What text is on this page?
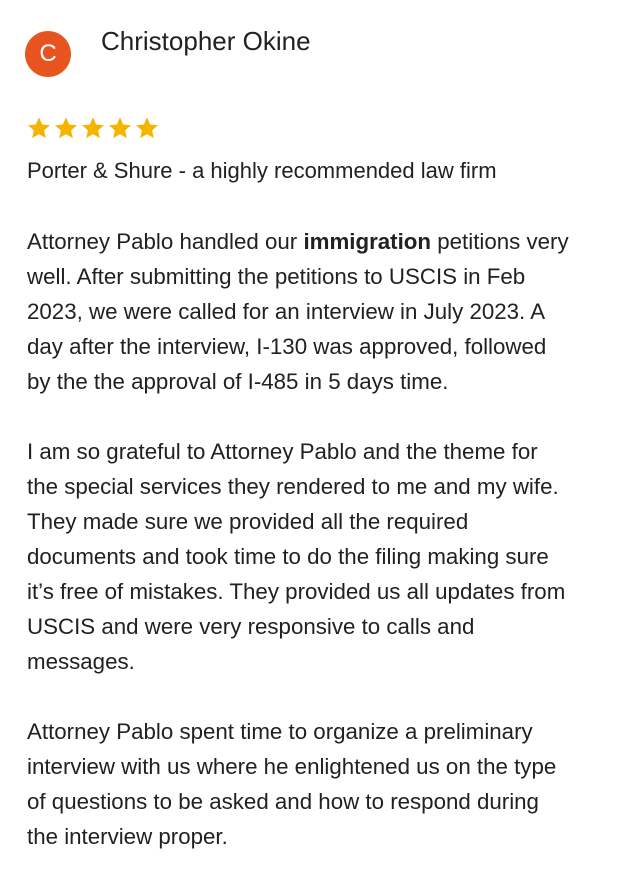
C	Christopher Okine
Porter & Shure - a highly recommended law firm
Attorney Pablo handled our immigration petitions very
well. After submitting the petitions to USCIS in Feb
2023, we were called for an interview in July 2023. A
day after the interview, I-130 was approved, followed
by the the approval of I-485 in 5 days time.
I am so grateful to Attorney Pablo and the theme for
the special services they rendered to me and my wife.
They made sure we provided all the required
documents and took time to do the filing making sure
it’s free of mistakes. They provided us all updates from
USCIS and were very responsive to calls and
messages.
Attorney Pablo spent time to organize a preliminary
interview with us where he enlightened us on the type
of questions to be asked and how to respond during
the interview proper.
